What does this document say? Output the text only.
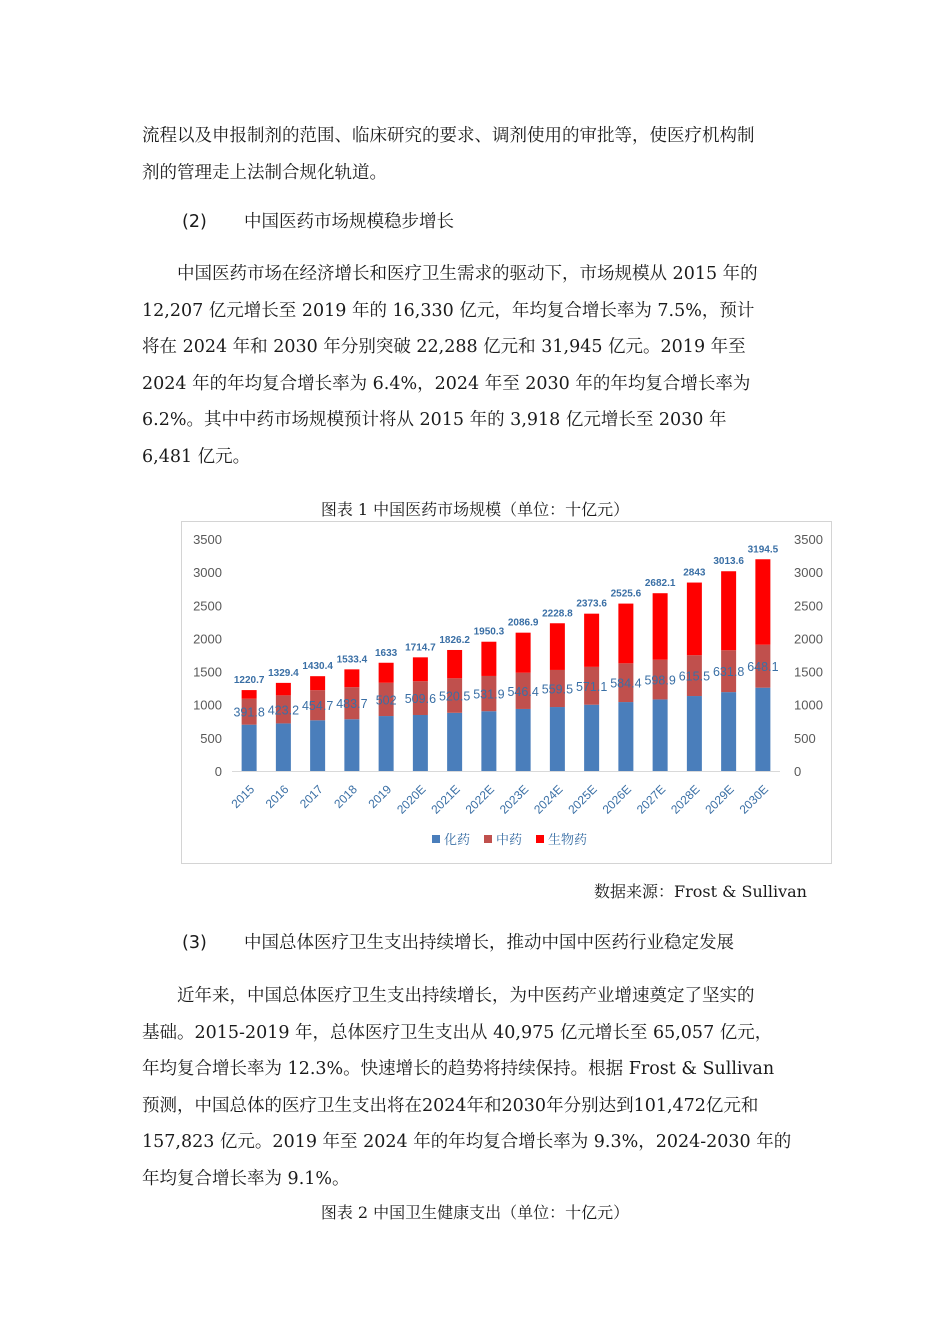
流程以及申报制剂的范围、临床研究的要求、调剂使用的审批等，使医疗机构制
剂的管理走上法制合规化轨道。
(2) 中国医药市场规模稳步增长
　　中国医药市场在经济增长和医疗卫生需求的驱动下，市场规模从 2015 年的
12,207 亿元增长至 2019 年的 16,330 亿元，年均复合增长率为 7.5%，预计
将在 2024 年和 2030 年分别突破 22,288 亿元和 31,945 亿元。2019 年至
2024 年的年均复合增长率为 6.4%，2024 年至 2030 年的年均复合增长率为
6.2%。其中中药市场规模预计将从 2015 年的 3,918 亿元增长至 2030 年
6,481 亿元。
图表 1 中国医药市场规模（单位：十亿元）
0	0
500	500
1000	1000
1500	1500
2000	2000
2500	2500
3000	3000
3500	3500
1220.7
391.8
2015
1329.4
423.2
2016
1430.4
454.7
2017
1533.4
483.7
2018
1633
502
2019
1714.7
509.6
2020E
1826.2
520.5
2021E
1950.3
531.9
2022E
2086.9
546.4
2023E
2228.8
559.5
2024E
2373.6
571.1
2025E
2525.6
584.4
2026E
2682.1
598.9
2027E
2843
615.5
2028E
3013.6
631.8
2029E
3194.5
648.1
2030E
化药 中药 生物药
数据来源：Frost & Sullivan
(3) 中国总体医疗卫生支出持续增长，推动中国中医药行业稳定发展
　　近年来，中国总体医疗卫生支出持续增长，为中医药产业增速奠定了坚实的
基础。2015-2019 年，总体医疗卫生支出从 40,975 亿元增长至 65,057 亿元，
年均复合增长率为 12.3%。快速增长的趋势将持续保持。根据 Frost & Sullivan
预测，中国总体的医疗卫生支出将在2024年和2030年分别达到101,472亿元和
157,823 亿元。2019 年至 2024 年的年均复合增长率为 9.3%，2024-2030 年的
年均复合增长率为 9.1%。
图表 2 中国卫生健康支出（单位：十亿元）
